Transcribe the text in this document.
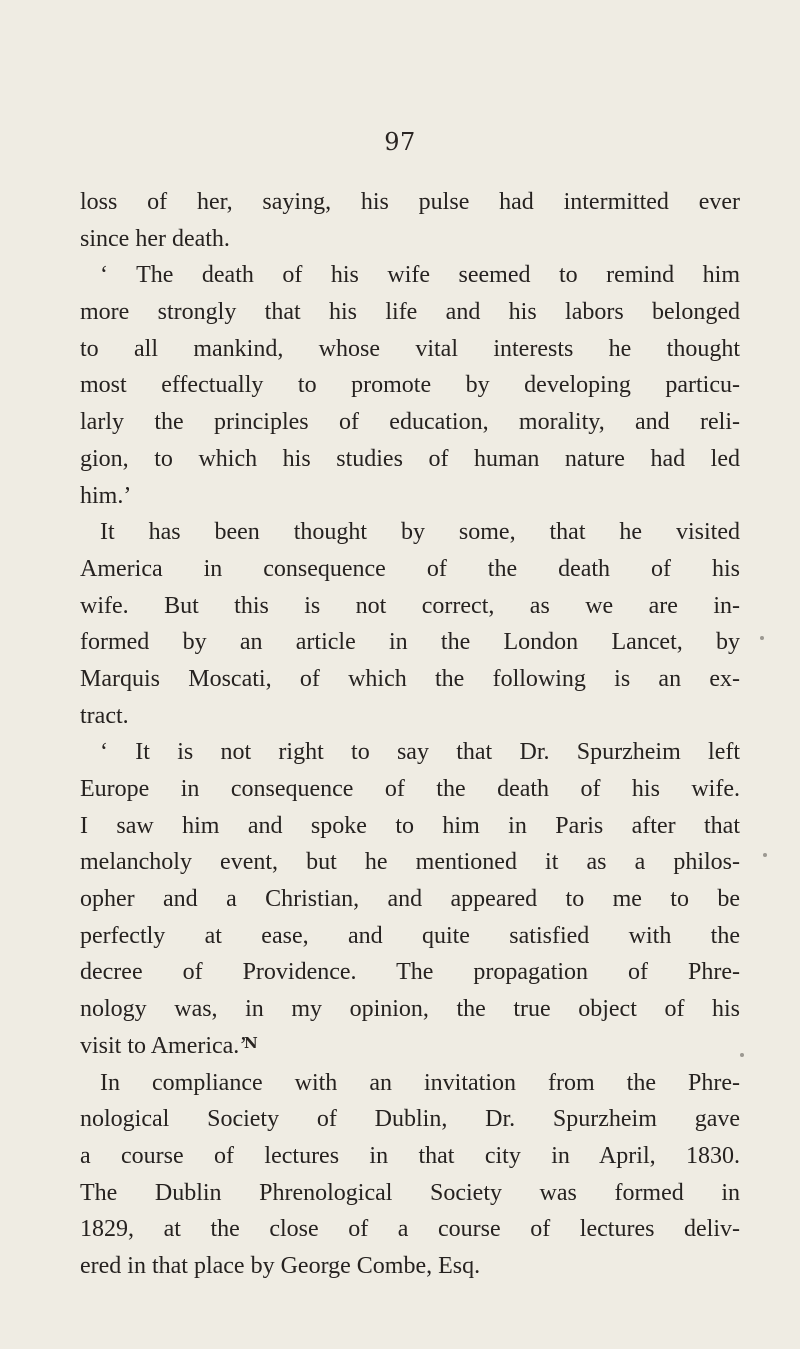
97
loss of her, saying, his pulse had intermitted ever
since her death.
‘ The death of his wife seemed to remind him
more strongly that his life and his labors belonged
to all mankind, whose vital interests he thought
most effectually to promote by developing particu-
larly the principles of education, morality, and reli-
gion, to which his studies of human nature had led
him.’
It has been thought by some, that he visited
America in consequence of the death of his
wife. But this is not correct, as we are in-
formed by an article in the London Lancet, by
Marquis Moscati, of which the following is an ex-
tract.
‘ It is not right to say that Dr. Spurzheim left
Europe in consequence of the death of his wife.
I saw him and spoke to him in Paris after that
melancholy event, but he mentioned it as a philos-
opher and a Christian, and appeared to me to be
perfectly at ease, and quite satisfied with the
decree of Providence. The propagation of Phre-
nology was, in my opinion, the true object of his
visit to America.’
In compliance with an invitation from the Phre-
nological Society of Dublin, Dr. Spurzheim gave
a course of lectures in that city in April, 1830.
The Dublin Phrenological Society was formed in
1829, at the close of a course of lectures deliv-
ered in that place by George Combe, Esq.
N
